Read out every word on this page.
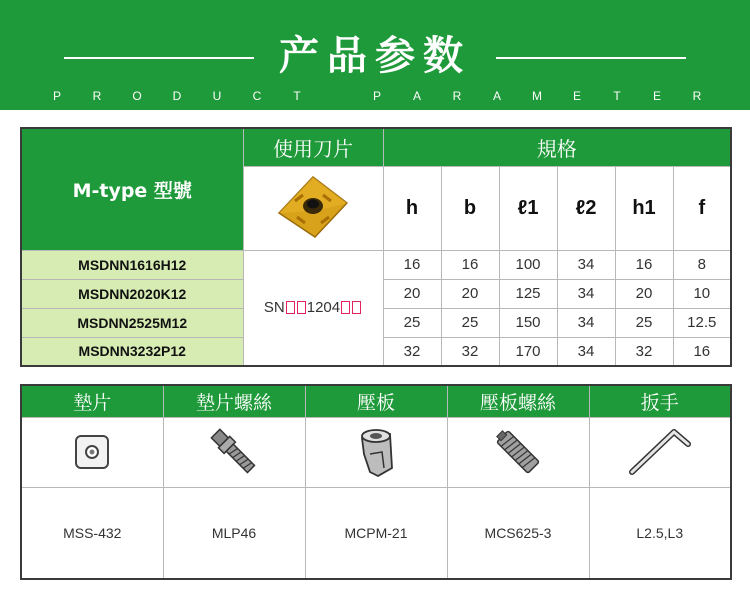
产品参数
P	R	O	D	U	C	T	P	A	R	A	M	E	T	E	R
M-type 型號	使用刀片	規格					

	h	b	ℓ1	ℓ2	h1	f
MSDNN1616H12	SN 1204	16	16	100	34	16	8
MSDNN2020K12		20	20	125	34	20	10
MSDNN2525M12		25	25	150	34	25	12.5
MSDNN3232P12		32	32	170	34	32	16
墊片	墊片螺絲	壓板	壓板螺絲	扳手

MSS-432	MLP46	MCPM-21	MCS625-3	L2.5,L3
